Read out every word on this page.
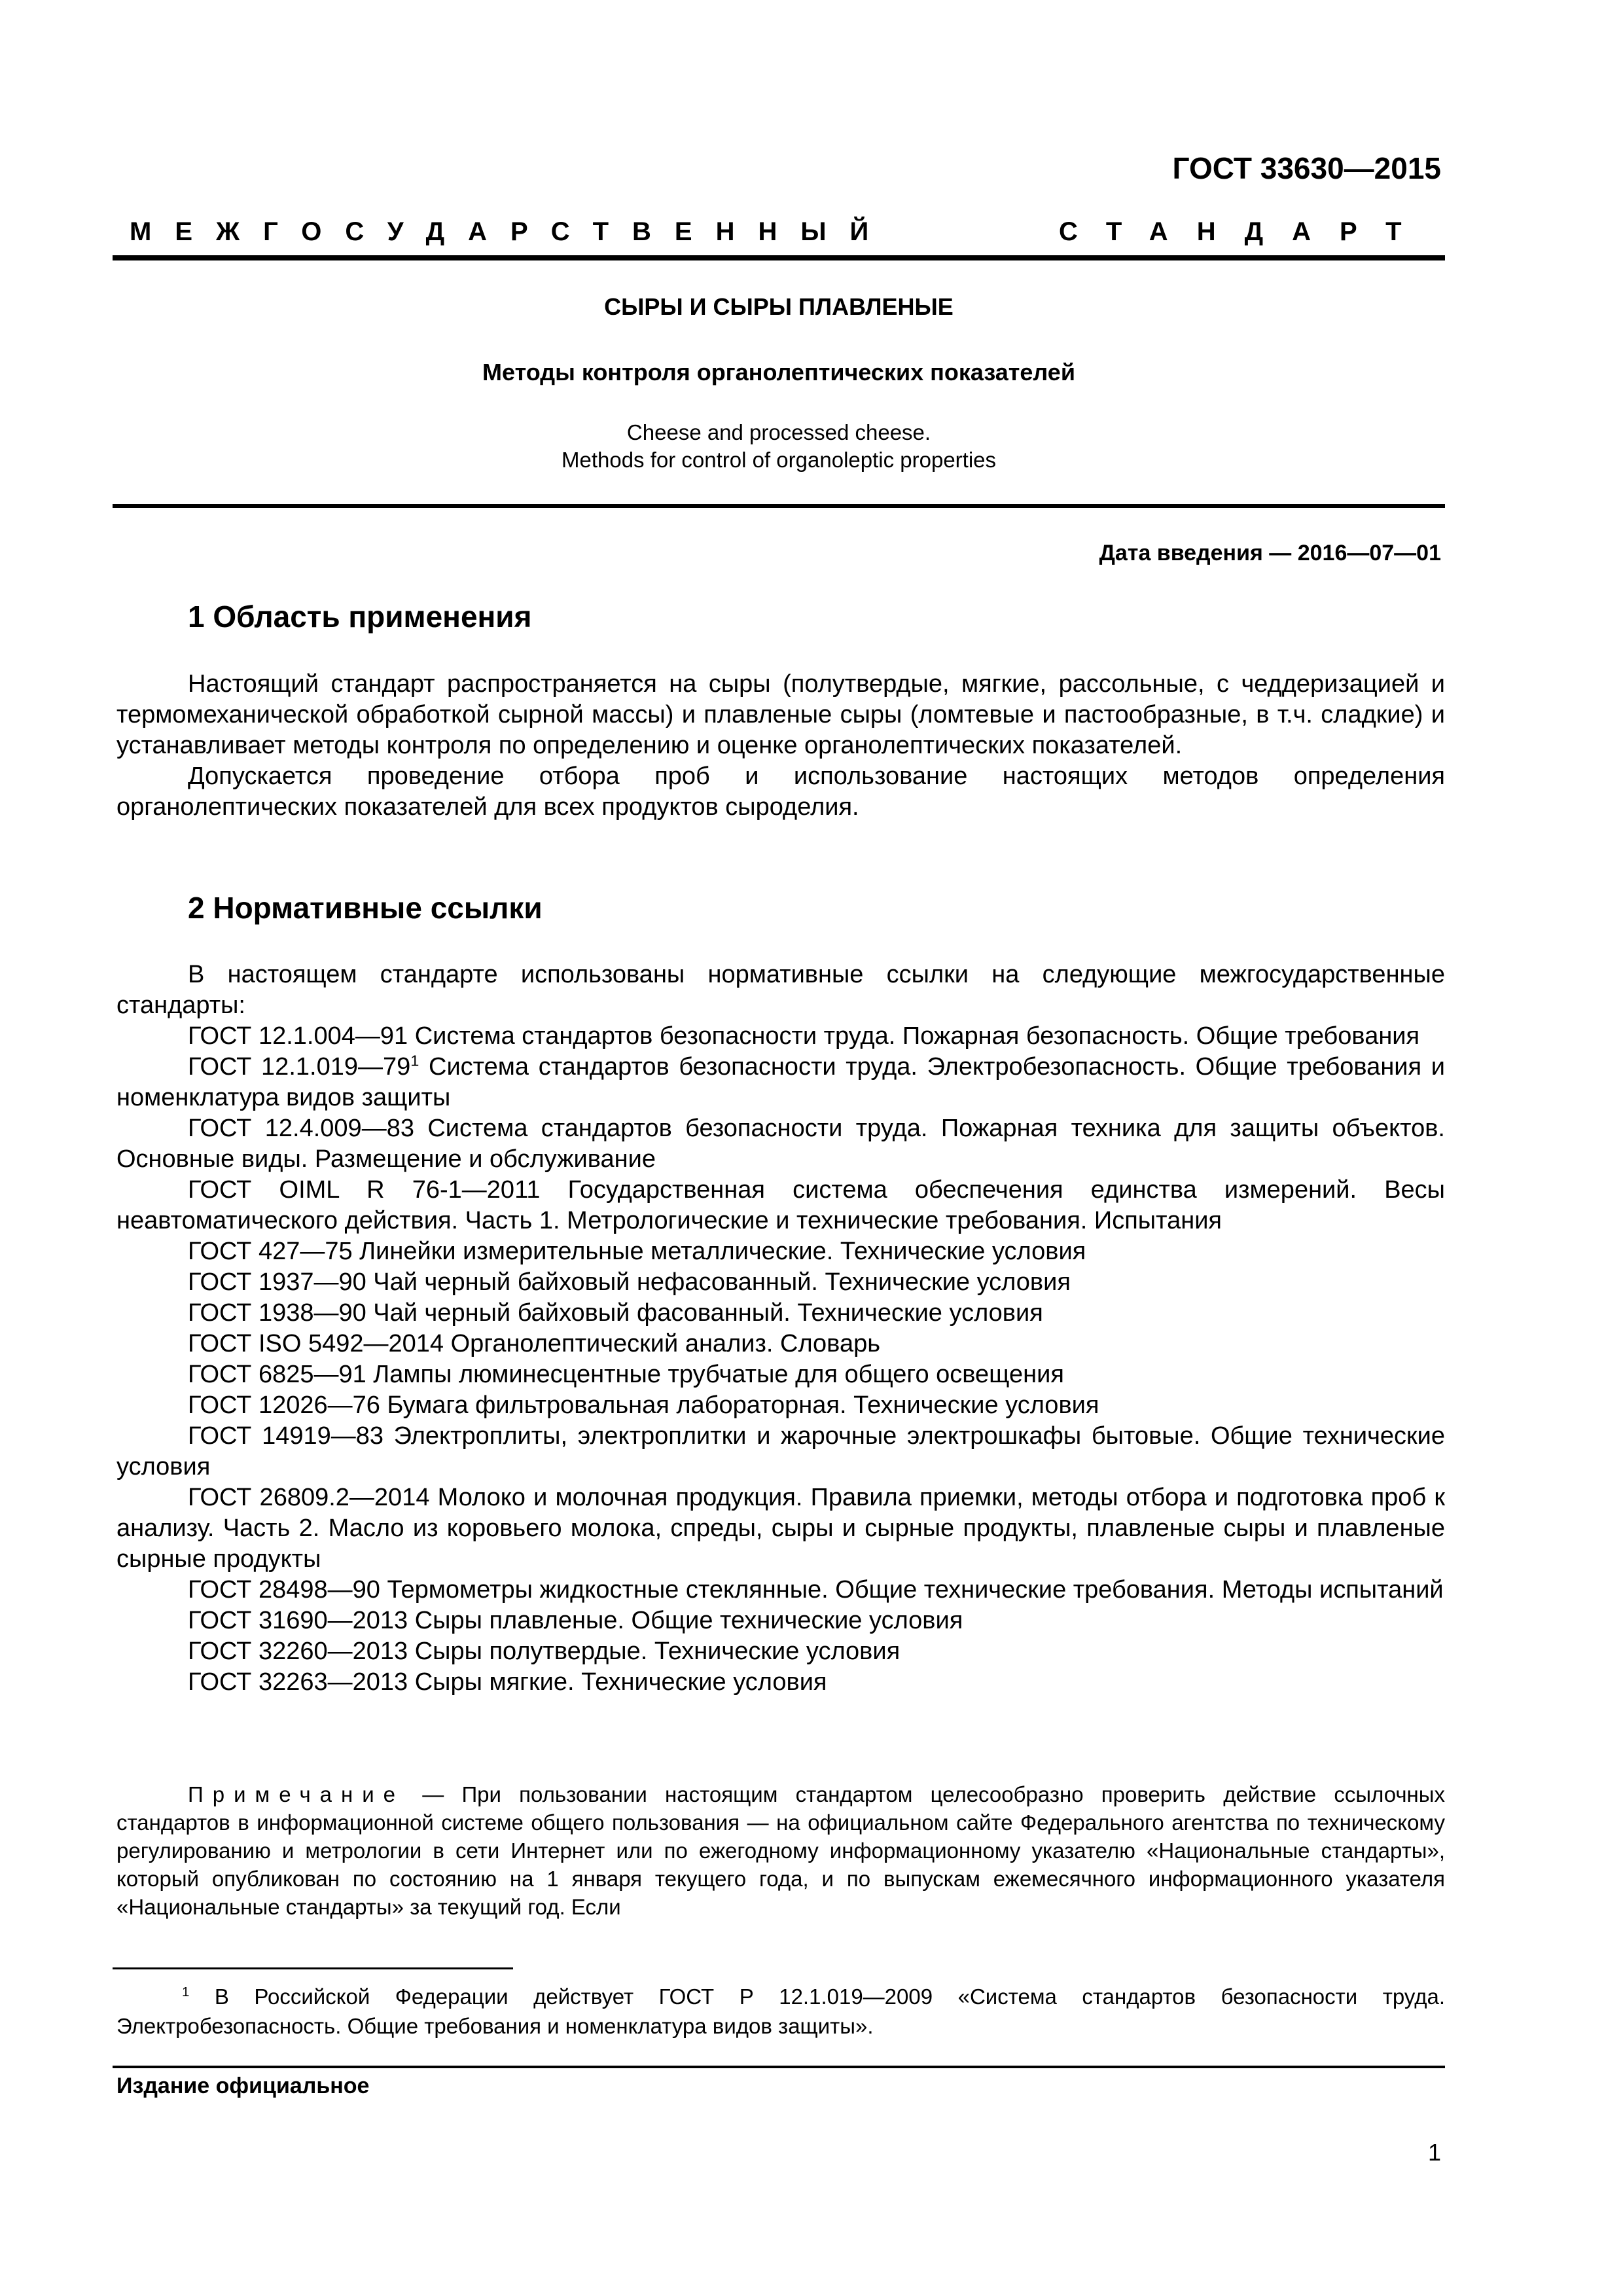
ГОСТ 33630—2015
МЕЖГОСУДАРСТВЕННЫЙ	СТАНДАРТ
СЫРЫ И СЫРЫ ПЛАВЛЕНЫЕ
Методы контроля органолептических показателей
Cheese and processed cheese.
Methods for control of organoleptic properties
Дата введения — 2016—07—01
1 Область применения

Настоящий стандарт распространяется на сыры (полутвердые, мягкие, рассольные, с чеддеризацией и термомеханической обработкой сырной массы) и плавленые сыры (ломтевые и пастообразные, в т.ч. сладкие) и устанавливает методы контроля по определению и оценке органолептических показателей.

Допускается проведение отбора проб и использование настоящих методов определения органолептических показателей для всех продуктов сыроделия.

2 Нормативные ссылки

В настоящем стандарте использованы нормативные ссылки на следующие межгосударственные стандарты:

ГОСТ 12.1.004—91 Система стандартов безопасности труда. Пожарная безопасность. Общие требования

ГОСТ $12.1.019—79^1$ Система стандартов безопасности труда. Электробезопасность. Общие требования и номенклатура видов защиты

ГОСТ 12.4.009—83 Система стандартов безопасности труда. Пожарная техника для защиты объектов. Основные виды. Размещение и обслуживание

ГОСТ OIML R 76-1—2011 Государственная система обеспечения единства измерений. Весы неавтоматического действия. Часть 1. Метрологические и технические требования. Испытания

ГОСТ 427—75 Линейки измерительные металлические. Технические условия

ГОСТ 1937—90 Чай черный байховый нефасованный. Технические условия

ГОСТ 1938—90 Чай черный байховый фасованный. Технические условия

ГОСТ ISO 5492—2014 Органолептический анализ. Словарь

ГОСТ 6825—91 Лампы люминесцентные трубчатые для общего освещения

ГОСТ 12026—76 Бумага фильтровальная лабораторная. Технические условия

ГОСТ 14919—83 Электроплиты, электроплитки и жарочные электрошкафы бытовые. Общие технические условия

ГОСТ 26809.2—2014 Молоко и молочная продукция. Правила приемки, методы отбора и подготовка проб к анализу. Часть 2. Масло из коровьего молока, спреды, сыры и сырные продукты, плавленые сыры и плавленые сырные продукты

ГОСТ 28498—90 Термометры жидкостные стеклянные. Общие технические требования. Методы испытаний

ГОСТ 31690—2013 Сыры плавленые. Общие технические условия

ГОСТ 32260—2013 Сыры полутвердые. Технические условия

ГОСТ 32263—2013 Сыры мягкие. Технические условия

Примечание — При пользовании настоящим стандартом целесообразно проверить действие ссылочных стандартов в информационной системе общего пользования — на официальном сайте Федерального агентства по техническому регулированию и метрологии в сети Интернет или по ежегодному информационному указателю «Национальные стандарты», который опубликован по состоянию на 1 января текущего года, и по выпускам ежемесячного информационного указателя «Национальные стандарты» за текущий год. Если
$^1$ В Российской Федерации действует ГОСТ Р 12.1.019—2009 «Система стандартов безопасности труда. Электробезопасность. Общие требования и номенклатура видов защиты».
Издание официальное
1
